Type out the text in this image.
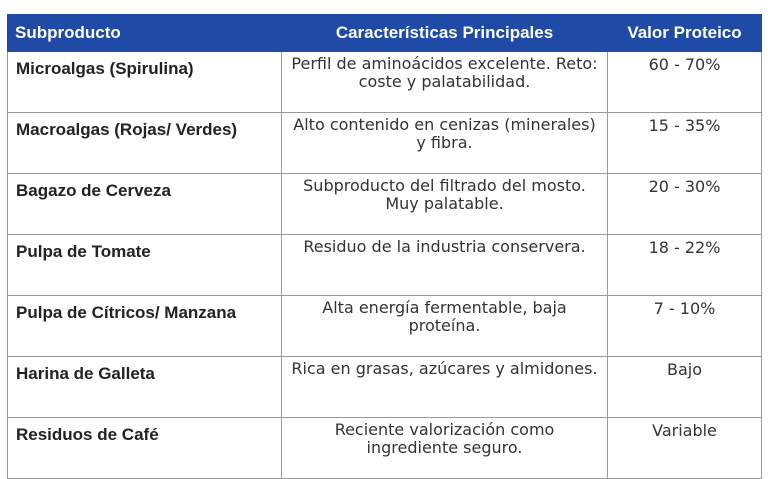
Subproducto	Características Principales	Valor Proteico
Microalgas (Spirulina)	Perfil de aminoácidos excelente. Reto: coste y palatabilidad.	60 - 70%
Macroalgas (Rojas/ Verdes)	Alto contenido en cenizas (minerales) y fibra.	15 - 35%
Bagazo de Cerveza	Subproducto del filtrado del mosto. Muy palatable.	20 - 30%
Pulpa de Tomate	Residuo de la industria conservera.	18 - 22%
Pulpa de Cítricos/ Manzana	Alta energía fermentable, baja proteína.	7 - 10%
Harina de Galleta	Rica en grasas, azúcares y almidones.	Bajo
Residuos de Café	Reciente valorización como ingrediente seguro.	Variable
